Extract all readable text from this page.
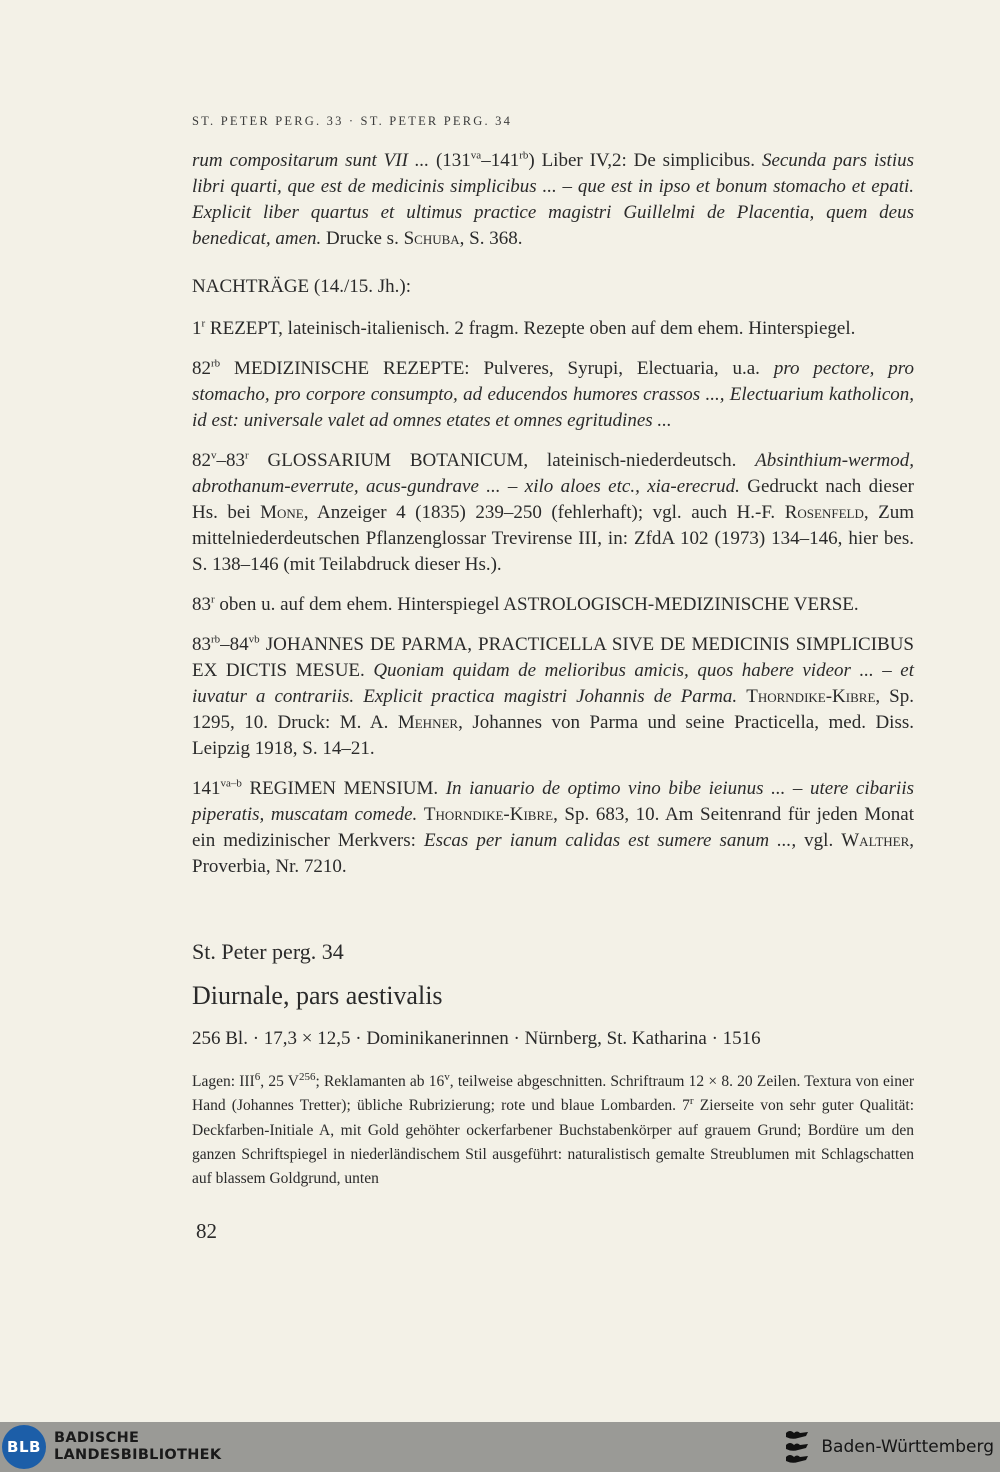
ST. PETER PERG. 33 · ST. PETER PERG. 34

rum compositarum sunt VII ... $(131^{va}-141^{rb})$ Liber IV,2: De simplicibus. Secunda pars istius libri quarti, que est de medicinis simplicibus ... – que est in ipso et bonum stomacho et epati. Explicit liber quartus et ultimus practice magistri Guillelmi de Placentia, quem deus benedicat, amen. Drucke s. Schuba, S. 368.

NACHTRÄGE (14./15. Jh.):

1$^r$ REZEPT, lateinisch-italienisch. 2 fragm. Rezepte oben auf dem ehem. Hinterspiegel.

$82^{rb}$ MEDIZINISCHE REZEPTE: Pulveres, Syrupi, Electuaria, u.a. pro pectore, pro stomacho, pro corpore consumpto, ad educendos humores crassos ..., Electuarium katholicon, id est: universale valet ad omnes etates et omnes egritudines ...

82$^v$–83$^r$ GLOSSARIUM BOTANICUM, lateinisch-niederdeutsch. Absinthium-wermod, abrothanum-everrute, acus-gundrave ... – xilo aloes etc., xia-erecrud. Gedruckt nach dieser Hs. bei Mone, Anzeiger 4 (1835) 239–250 (fehlerhaft); vgl. auch H.-F. Rosenfeld, Zum mittelniederdeutschen Pflanzenglossar Trevirense III, in: ZfdA 102 (1973) 134–146, hier bes. S. 138–146 (mit Teilabdruck dieser Hs.).

83$^r$ oben u. auf dem ehem. Hinterspiegel ASTROLOGISCH-MEDIZINISCHE VERSE.

$83^{rb}-84^{vb}$ JOHANNES DE PARMA, PRACTICELLA SIVE DE MEDICINIS SIMPLICIBUS EX DICTIS MESUE. Quoniam quidam de melioribus amicis, quos habere videor ... – et iuvatur a contrariis. Explicit practica magistri Johannis de Parma. Thorndike-Kibre, Sp. 1295, 10. Druck: M. A. Mehner, Johannes von Parma und seine Practicella, med. Diss. Leipzig 1918, S. 14–21.

$141^{va-b}$ REGIMEN MENSIUM. In ianuario de optimo vino bibe ieiunus ... – utere cibariis piperatis, muscatam comede. Thorndike-Kibre, Sp. 683, 10. Am Seitenrand für jeden Monat ein medizinischer Merkvers: Escas per ianum calidas est sumere sanum ..., vgl. Walther, Proverbia, Nr. 7210.

St. Peter perg. 34

Diurnale, pars aestivalis

256 Bl. · 17,3 × 12,5 · Dominikanerinnen · Nürnberg, St. Katharina · 1516

Lagen: III$^6$, 25 $V^{256}$; Reklamanten ab 16$^v$, teilweise abgeschnitten. Schriftraum 12 × 8. 20 Zeilen. Textura von einer Hand (Johannes Tretter); übliche Rubrizierung; rote und blaue Lombarden. 7$^r$ Zierseite von sehr guter Qualität: Deckfarben-Initiale A, mit Gold gehöhter ockerfarbener Buchstabenkörper auf grauem Grund; Bordüre um den ganzen Schriftspiegel in niederländischem Stil ausgeführt: naturalistisch gemalte Streublumen mit Schlagschatten auf blassem Goldgrund, unten

82
BLB BADISCHE
LANDESBIBLIOTHEK	Baden-Württemberg
